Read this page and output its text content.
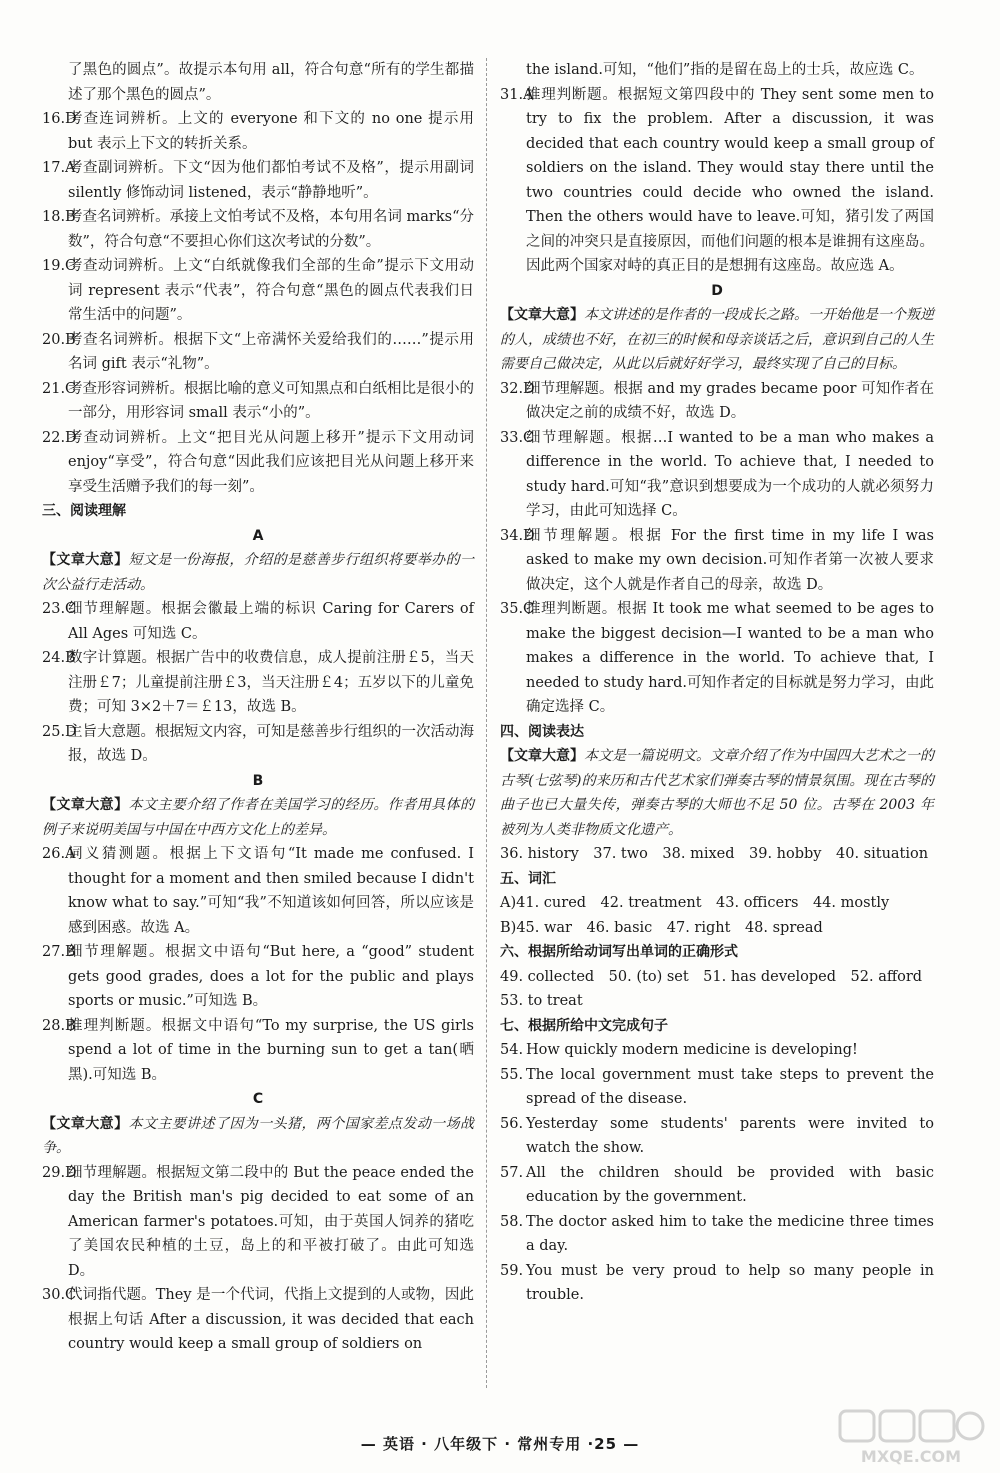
了黑色的圆点”。故提示本句用 all，符合句意“所有的学生都描述了那个黑色的圆点”。

16.D
考查连词辨析。上文的 everyone 和下文的 no one 提示用 but 表示上下文的转折关系。
17.A
考查副词辨析。下文“因为他们都怕考试不及格”，提示用副词 silently 修饰动词 listened，表示“静静地听”。
18.B
考查名词辨析。承接上文怕考试不及格，本句用名词 marks“分数”，符合句意“不要担心你们这次考试的分数”。
19.C
考查动词辨析。上文“白纸就像我们全部的生命”提示下文用动词 represent 表示“代表”，符合句意“黑色的圆点代表我们日常生活中的问题”。
20.B
考查名词辨析。根据下文“上帝满怀关爱给我们的……”提示用名词 gift 表示“礼物”。
21.C
考查形容词辨析。根据比喻的意义可知黑点和白纸相比是很小的一部分，用形容词 small 表示“小的”。
22.D
考查动词辨析。上文“把目光从问题上移开”提示下文用动词 enjoy“享受”，符合句意“因此我们应该把目光从问题上移开来享受生活赠予我们的每一刻”。

三、阅读理解

A

【文章大意】短文是一份海报，介绍的是慈善步行组织将要举办的一次公益行走活动。

23.C
细节理解题。根据会徽最上端的标识 Caring for Carers of All Ages 可知选 C。
24.B
数字计算题。根据广告中的收费信息，成人提前注册￡5，当天注册￡7；儿童提前注册￡3，当天注册￡4；五岁以下的儿童免费；可知 3×2＋7＝￡13，故选 B。
25.D
主旨大意题。根据短文内容，可知是慈善步行组织的一次活动海报，故选 D。

B

【文章大意】本文主要介绍了作者在美国学习的经历。作者用具体的例子来说明美国与中国在中西方文化上的差异。

26.A
词义猜测题。根据上下文语句“It made me confused. I thought for a moment and then smiled because I didn't know what to say.”可知“我”不知道该如何回答，所以应该是感到困惑。故选 A。
27.B
细节理解题。根据文中语句“But here, a “good” student gets good grades, does a lot for the public and plays sports or music.”可知选 B。
28.B
推理判断题。根据文中语句“To my surprise, the US girls spend a lot of time in the burning sun to get a tan(晒黑).可知选 B。

C

【文章大意】本文主要讲述了因为一头猪，两个国家差点发动一场战争。

29.D
细节理解题。根据短文第二段中的 But the peace ended the day the British man's pig decided to eat some of an American farmer's potatoes.可知，由于英国人饲养的猪吃了美国农民种植的土豆，岛上的和平被打破了。由此可知选 D。
30.C
代词指代题。They 是一个代词，代指上文提到的人或物，因此根据上句话 After a discussion, it was decided that each country would keep a small group of soldiers on

the island.可知，“他们”指的是留在岛上的士兵，故应选 C。

31.A
推理判断题。根据短文第四段中的 They sent some men to try to fix the problem. After a discussion, it was decided that each country would keep a small group of soldiers on the island. They would stay there until the two countries could decide who owned the island. Then the others would have to leave.可知，猪引发了两国之间的冲突只是直接原因，而他们问题的根本是谁拥有这座岛。因此两个国家对峙的真正目的是想拥有这座岛。故应选 A。

D

【文章大意】本文讲述的是作者的一段成长之路。一开始他是一个叛逆的人，成绩也不好，在初三的时候和母亲谈话之后，意识到自己的人生需要自己做决定，从此以后就好好学习，最终实现了自己的目标。

32.D
细节理解题。根据 and my grades became poor 可知作者在做决定之前的成绩不好，故选 D。
33.C
细节理解题。根据…I wanted to be a man who makes a difference in the world. To achieve that, I needed to study hard.可知“我”意识到想要成为一个成功的人就必须努力学习，由此可知选择 C。
34.D
细节理解题。根据 For the first time in my life I was asked to make my own decision.可知作者第一次被人要求做决定，这个人就是作者自己的母亲，故选 D。
35.C
推理判断题。根据 It took me what seemed to be ages to make the biggest decision—I wanted to be a man who makes a difference in the world. To achieve that, I needed to study hard.可知作者定的目标就是努力学习，由此确定选择 C。

四、阅读表达

【文章大意】本文是一篇说明文。文章介绍了作为中国四大艺术之一的古琴(七弦琴)的来历和古代艺术家们弹奏古琴的情景氛围。现在古琴的曲子也已大量失传，弹奏古琴的大师也不足 50 位。古琴在 2003 年被列为人类非物质文化遗产。

36. history　37. two　38. mixed　39. hobby　40. situation

五、词汇

A)41. cured　42. treatment　43. officers　44. mostly

B)45. war　46. basic　47. right　48. spread

六、根据所给动词写出单词的正确形式

49. collected　50. (to) set　51. has developed　52. afford

53. to treat

七、根据所给中文完成句子

54. How quickly modern medicine is developing!
55. The local government must take steps to prevent the spread of the disease.
56. Yesterday some students' parents were invited to watch the show.
57. All the children should be provided with basic education by the government.
58. The doctor asked him to take the medicine three times a day.
59. You must be very proud to help so many people in trouble.
— 英语 · 八年级下 · 常州专用 ·25 —
MXQE.COM
